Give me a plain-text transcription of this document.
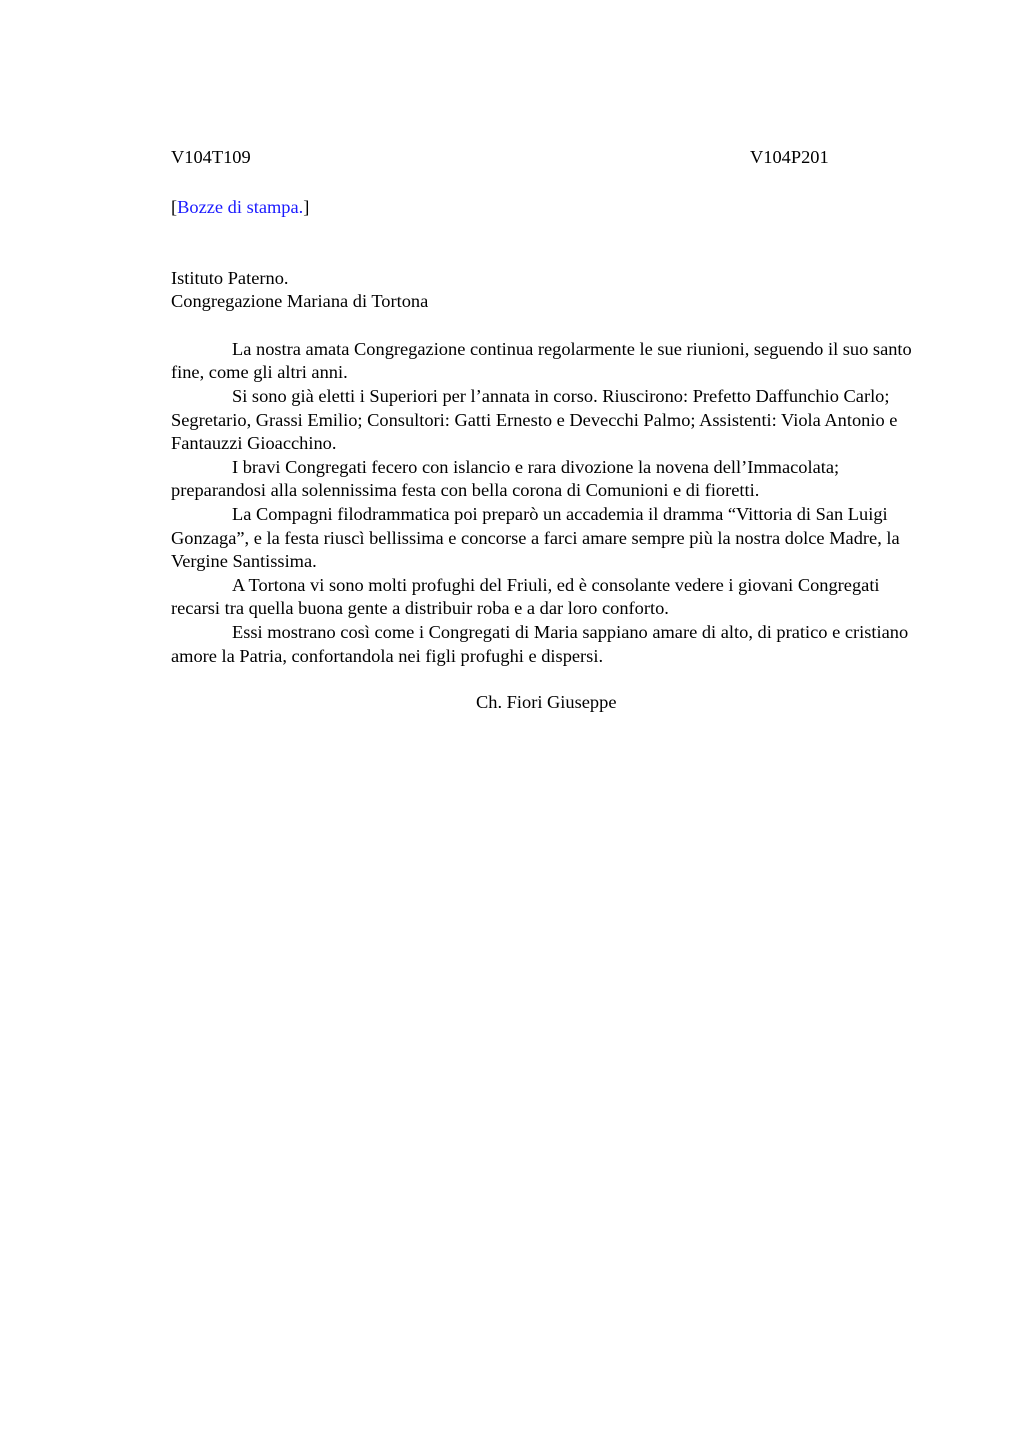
V104T109	V104P201
[Bozze di stampa.]
Istituto Paterno.
Congregazione Mariana di Tortona

La nostra amata Congregazione continua regolarmente le sue riunioni, seguendo il suo santo fine, come gli altri anni.

Si sono già eletti i Superiori per l’annata in corso. Riuscirono: Prefetto Daffunchio Carlo; Segretario, Grassi Emilio; Consultori: Gatti Ernesto e Devecchi Palmo; Assistenti: Viola Antonio e Fantauzzi Gioacchino.

I bravi Congregati fecero con islancio e rara divozione la novena dell’Immacolata; preparandosi alla solennissima festa con bella corona di Comunioni e di fioretti.

La Compagni filodrammatica poi preparò un accademia il dramma “Vittoria di San Luigi Gonzaga”, e la festa riuscì bellissima e concorse a farci amare sempre più la nostra dolce Madre, la Vergine Santissima.

A Tortona vi sono molti profughi del Friuli, ed è consolante vedere i giovani Congregati recarsi tra quella buona gente a distribuir roba e a dar loro conforto.

Essi mostrano così come i Congregati di Maria sappiano amare di alto, di pratico e cristiano amore la Patria, confortandola nei figli profughi e dispersi.

Ch. Fiori Giuseppe
